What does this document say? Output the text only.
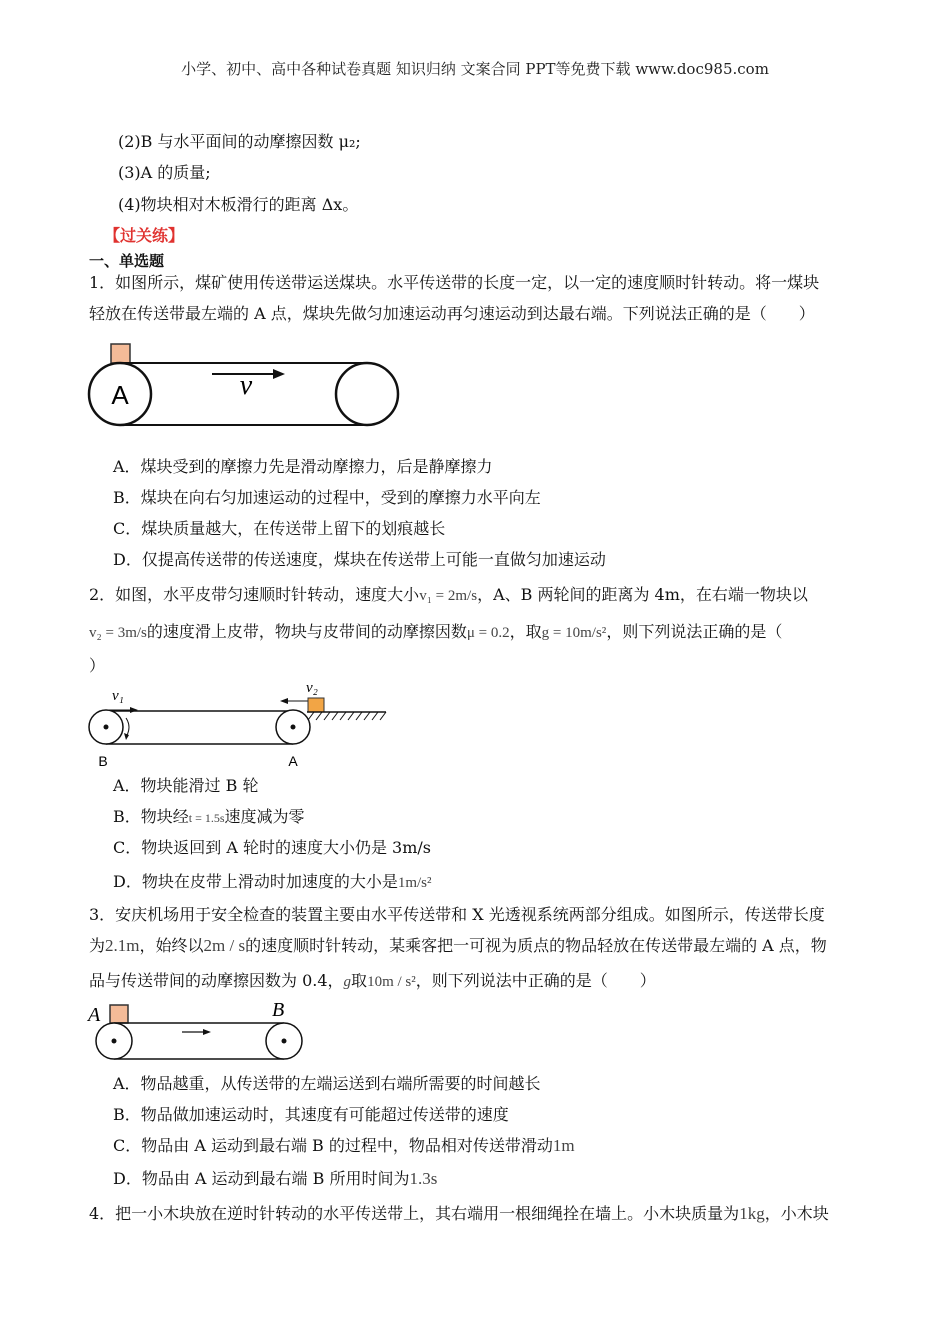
小学、初中、高中各种试卷真题 知识归纳 文案合同 PPT等免费下载 www.doc985.com
(2)B 与水平面间的动摩擦因数 μ₂;
(3)A 的质量;
(4)物块相对木板滑行的距离 Δx。
【过关练】
一、单选题
1．如图所示，煤矿使用传送带运送煤块。水平传送带的长度一定，以一定的速度顺时针转动。将一煤块
轻放在传送带最左端的 A 点，煤块先做匀加速运动再匀速运动到达最右端。下列说法正确的是（　　）
A	v
A．煤块受到的摩擦力先是滑动摩擦力，后是静摩擦力
B．煤块在向右匀加速运动的过程中，受到的摩擦力水平向左
C．煤块质量越大，在传送带上留下的划痕越长
D．仅提高传送带的传送速度，煤块在传送带上可能一直做匀加速运动
2．如图，水平皮带匀速顺时针转动，速度大小v₁ = 2m/s，A、B 两轮间的距离为 4m，在右端一物块以
v₂ = 3m/s的速度滑上皮带，物块与皮带间的动摩擦因数μ = 0.2，取g = 10m/s²，则下列说法正确的是（
）
v₁	v₂
B	A
A．物块能滑过 B 轮
B．物块经t = 1.5s速度减为零
C．物块返回到 A 轮时的速度大小仍是 3m/s
D．物块在皮带上滑动时加速度的大小是1m/s²
3．安庆机场用于安全检查的装置主要由水平传送带和 X 光透视系统两部分组成。如图所示，传送带长度
为2.1m，始终以2m / s的速度顺时针转动，某乘客把一可视为质点的物品轻放在传送带最左端的 A 点，物
品与传送带间的动摩擦因数为 0.4，g取10m / s²，则下列说法中正确的是（　　）
A	B
A．物品越重，从传送带的左端运送到右端所需要的时间越长
B．物品做加速运动时，其速度有可能超过传送带的速度
C．物品由 A 运动到最右端 B 的过程中，物品相对传送带滑动1m
D．物品由 A 运动到最右端 B 所用时间为1.3s
4．把一小木块放在逆时针转动的水平传送带上，其右端用一根细绳拴在墙上。小木块质量为1kg，小木块
